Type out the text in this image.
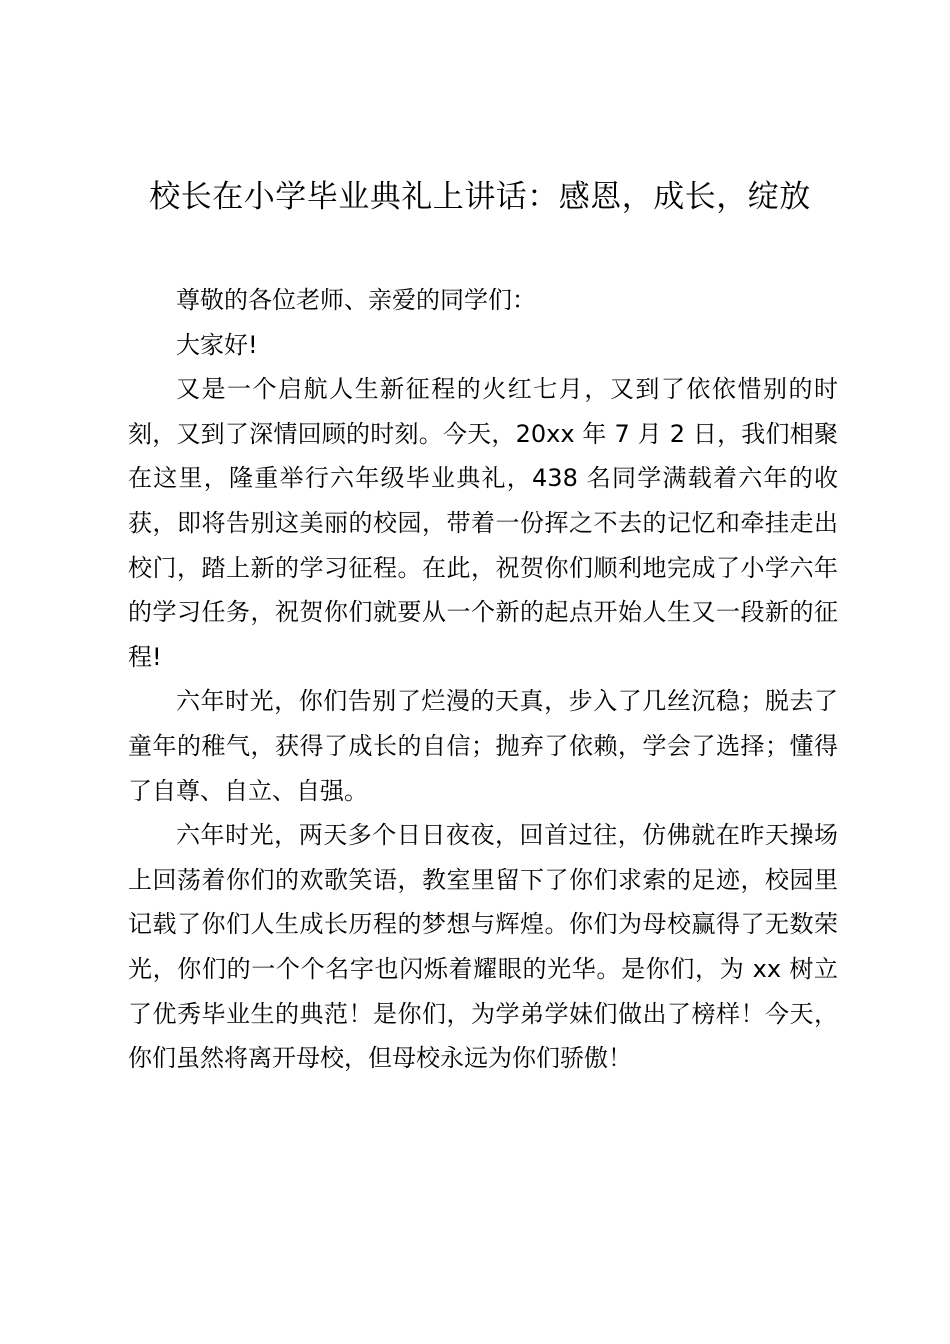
校长在小学毕业典礼上讲话：感恩，成长，绽放

尊敬的各位老师、亲爱的同学们：

大家好!

又是一个启航人生新征程的火红七月，又到了依依惜别的时刻，又到了深情回顾的时刻。今天，20xx 年 7 月 2 日，我们相聚在这里，隆重举行六年级毕业典礼，438 名同学满载着六年的收获，即将告别这美丽的校园，带着一份挥之不去的记忆和牵挂走出校门，踏上新的学习征程。在此，祝贺你们顺利地完成了小学六年的学习任务，祝贺你们就要从一个新的起点开始人生又一段新的征程!

六年时光，你们告别了烂漫的天真，步入了几丝沉稳；脱去了童年的稚气，获得了成长的自信；抛弃了依赖，学会了选择；懂得了自尊、自立、自强。

六年时光，两天多个日日夜夜，回首过往，仿佛就在昨天操场上回荡着你们的欢歌笑语，教室里留下了你们求索的足迹，校园里记载了你们人生成长历程的梦想与辉煌。你们为母校赢得了无数荣光，你们的一个个名字也闪烁着耀眼的光华。是你们，为 xx 树立了优秀毕业生的典范！是你们，为学弟学妹们做出了榜样！今天，你们虽然将离开母校，但母校永远为你们骄傲！
